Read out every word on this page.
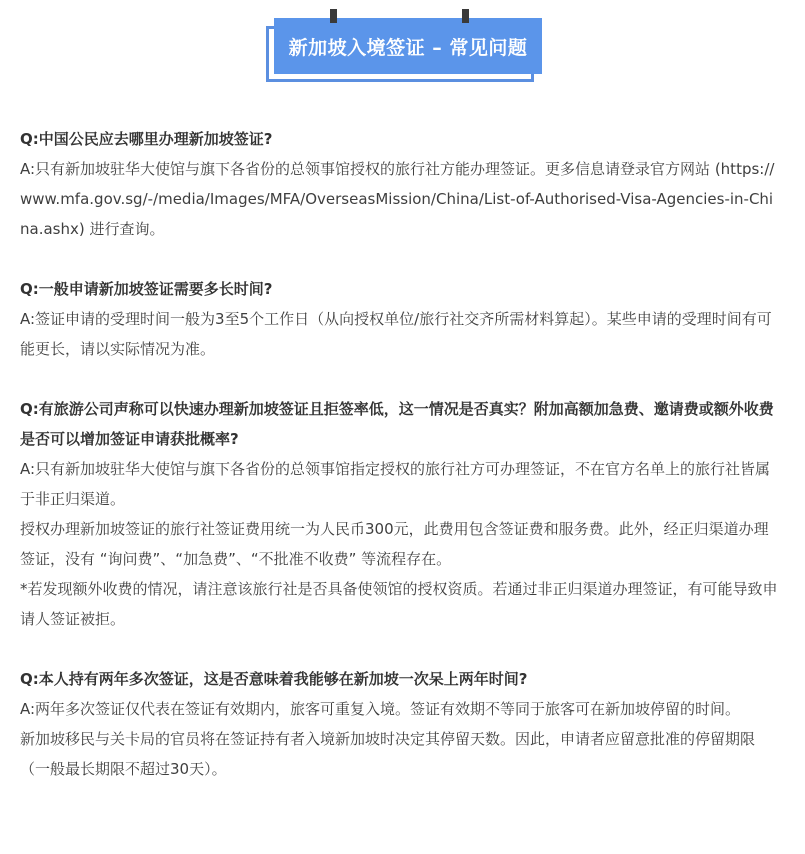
新加坡入境签证 – 常见问题

Q:中国公民应去哪里办理新加坡签证?

A:只有新加坡驻华大使馆与旗下各省份的总领事馆授权的旅行社方能办理签证。更多信息请登录官方网站 (https://www.mfa.gov.sg/-/media/Images/MFA/OverseasMission/China/List-of-Authorised-Visa-Agencies-in-China.ashx) 进行查询。

Q:一般申请新加坡签证需要多长时间?

A:签证申请的受理时间一般为3至5个工作日（从向授权单位/旅行社交齐所需材料算起）。某些申请的受理时间有可能更长，请以实际情况为准。

Q:有旅游公司声称可以快速办理新加坡签证且拒签率低，这一情况是否真实？附加高额加急费、邀请费或额外收费是否可以增加签证申请获批概率?

A:只有新加坡驻华大使馆与旗下各省份的总领事馆指定授权的旅行社方可办理签证，不在官方名单上的旅行社皆属于非正归渠道。

授权办理新加坡签证的旅行社签证费用统一为人民币300元，此费用包含签证费和服务费。此外，经正归渠道办理签证，没有 “询问费”、“加急费”、“不批准不收费” 等流程存在。

*若发现额外收费的情况，请注意该旅行社是否具备使领馆的授权资质。若通过非正归渠道办理签证，有可能导致申请人签证被拒。

Q:本人持有两年多次签证，这是否意味着我能够在新加坡一次呆上两年时间?

A:两年多次签证仅代表在签证有效期内，旅客可重复入境。签证有效期不等同于旅客可在新加坡停留的时间。

新加坡移民与关卡局的官员将在签证持有者入境新加坡时决定其停留天数。因此，申请者应留意批准的停留期限（一般最长期限不超过30天）。
